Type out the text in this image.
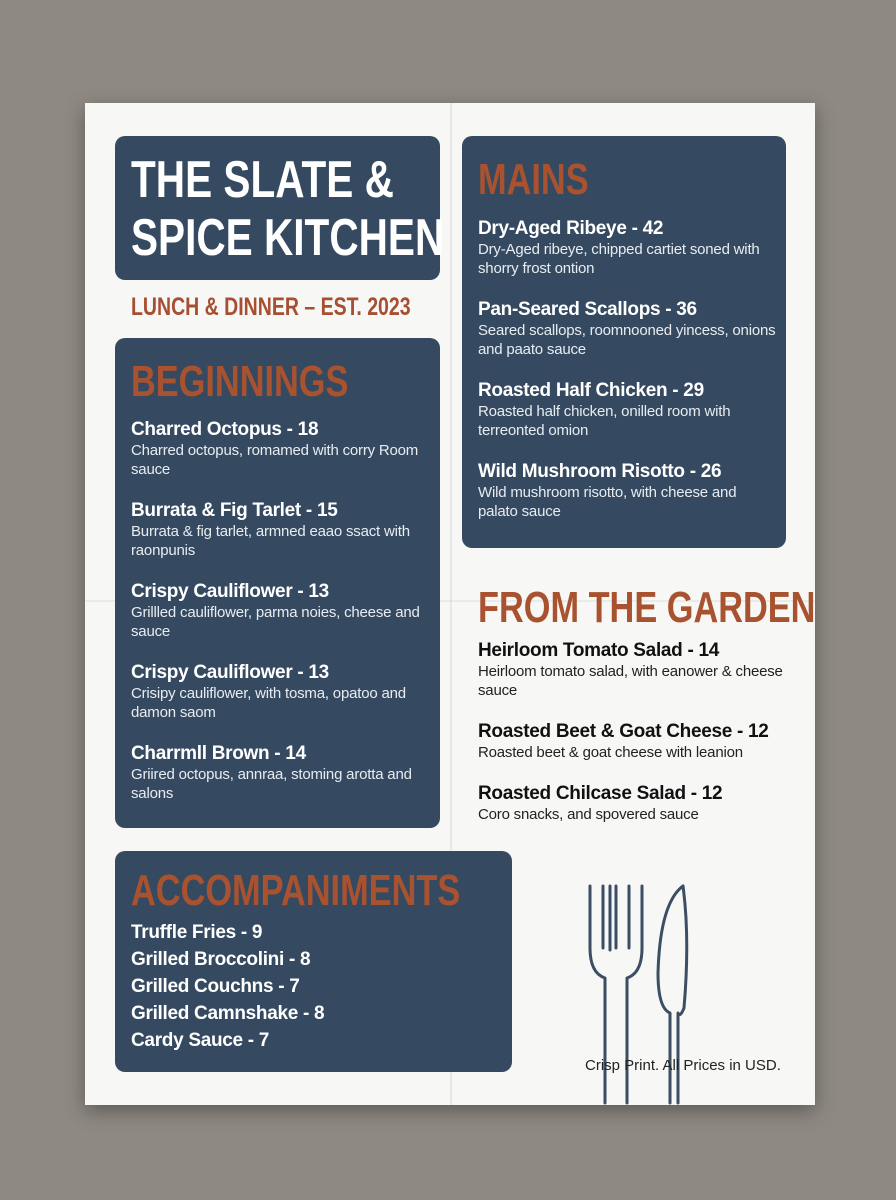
THE SLATE &
SPICE KITCHEN
LUNCH & DINNER – EST. 2023
BEGINNINGS
Charred Octopus - 18
Charred octopus, romamed with corry Room sauce
Burrata & Fig Tarlet - 15
Burrata & fig tarlet, armned eaao ssact with raonpunis
Crispy Cauliflower - 13
Grillled cauliflower, parma noies, cheese and sauce
Crispy Cauliflower - 13
Crisipy cauliflower, with tosma, opatoo and damon saom
Charrmll Brown - 14
Griired octopus, annraa, stoming arotta and salons
MAINS
Dry-Aged Ribeye - 42
Dry-Aged ribeye, chipped cartiet soned with shorry frost ontion
Pan-Seared Scallops - 36
Seared scallops, roomnooned yincess, onions and paato sauce
Roasted Half Chicken - 29
Roasted half chicken, onilled room with terreonted omion
Wild Mushroom Risotto - 26
Wild mushroom risotto, with cheese and palato sauce
FROM THE GARDEN
Heirloom Tomato Salad - 14
Heirloom tomato salad, with eanower & cheese sauce
Roasted Beet & Goat Cheese - 12
Roasted beet & goat cheese with leanion
Roasted Chilcase Salad - 12
Coro snacks, and spovered sauce
ACCOMPANIMENTS
Truffle Fries - 9
Grilled Broccolini - 8
Grilled Couchns - 7
Grilled Camnshake - 8
Cardy Sauce - 7
Crisp Print. All Prices in USD.
